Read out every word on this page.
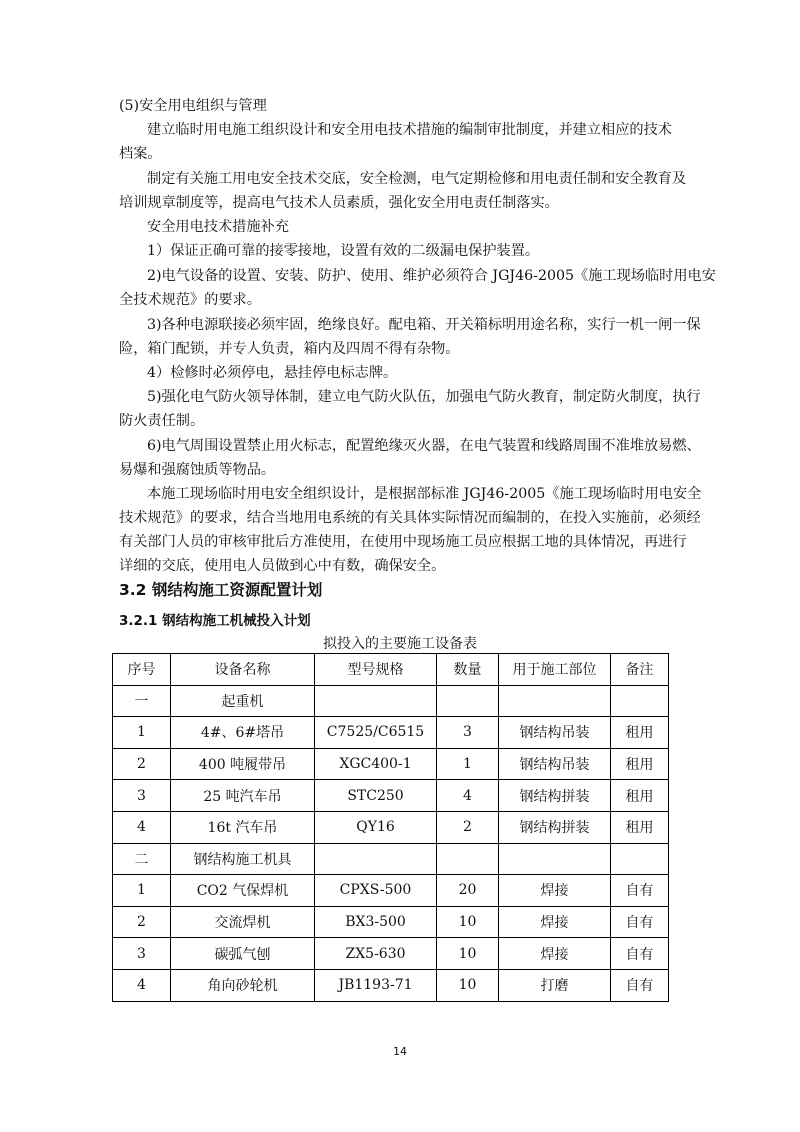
(5)安全用电组织与管理

建立临时用电施工组织设计和安全用电技术措施的编制审批制度，并建立相应的技术
档案。

制定有关施工用电安全技术交底，安全检测，电气定期检修和用电责任制和安全教育及
培训规章制度等，提高电气技术人员素质，强化安全用电责任制落实。

安全用电技术措施补充

1）保证正确可靠的接零接地，设置有效的二级漏电保护装置。

2)电气设备的设置、安装、防护、使用、维护必须符合 JGJ46-2005《施工现场临时用电安
全技术规范》的要求。

3)各种电源联接必须牢固，绝缘良好。配电箱、开关箱标明用途名称，实行一机一闸一保
险，箱门配锁，并专人负责，箱内及四周不得有杂物。

4）检修时必须停电，悬挂停电标志牌。

5)强化电气防火领导体制，建立电气防火队伍，加强电气防火教育，制定防火制度，执行
防火责任制。

6)电气周围设置禁止用火标志，配置绝缘灭火器，在电气装置和线路周围不准堆放易燃、
易爆和强腐蚀质等物品。

本施工现场临时用电安全组织设计，是根据部标准 JGJ46-2005《施工现场临时用电安全
技术规范》的要求，结合当地用电系统的有关具体实际情况而编制的，在投入实施前，必须经
有关部门人员的审核审批后方准使用，在使用中现场施工员应根据工地的具体情况，再进行
详细的交底，使用电人员做到心中有数，确保安全。

3.2 钢结构施工资源配置计划
3.2.1 钢结构施工机械投入计划
拟投入的主要施工设备表
序号	设备名称	型号规格	数量	用于施工部位	备注
一	起重机				
1	4#、6#塔吊	C7525/C6515	3	钢结构吊装	租用
2	400 吨履带吊	XGC400-1	1	钢结构吊装	租用
3	25 吨汽车吊	STC250	4	钢结构拼装	租用
4	16t 汽车吊	QY16	2	钢结构拼装	租用
二	钢结构施工机具				
1	CO2 气保焊机	CPXS-500	20	焊接	自有
2	交流焊机	BX3-500	10	焊接	自有
3	碳弧气刨	ZX5-630	10	焊接	自有
4	角向砂轮机	JB1193-71	10	打磨	自有
14
